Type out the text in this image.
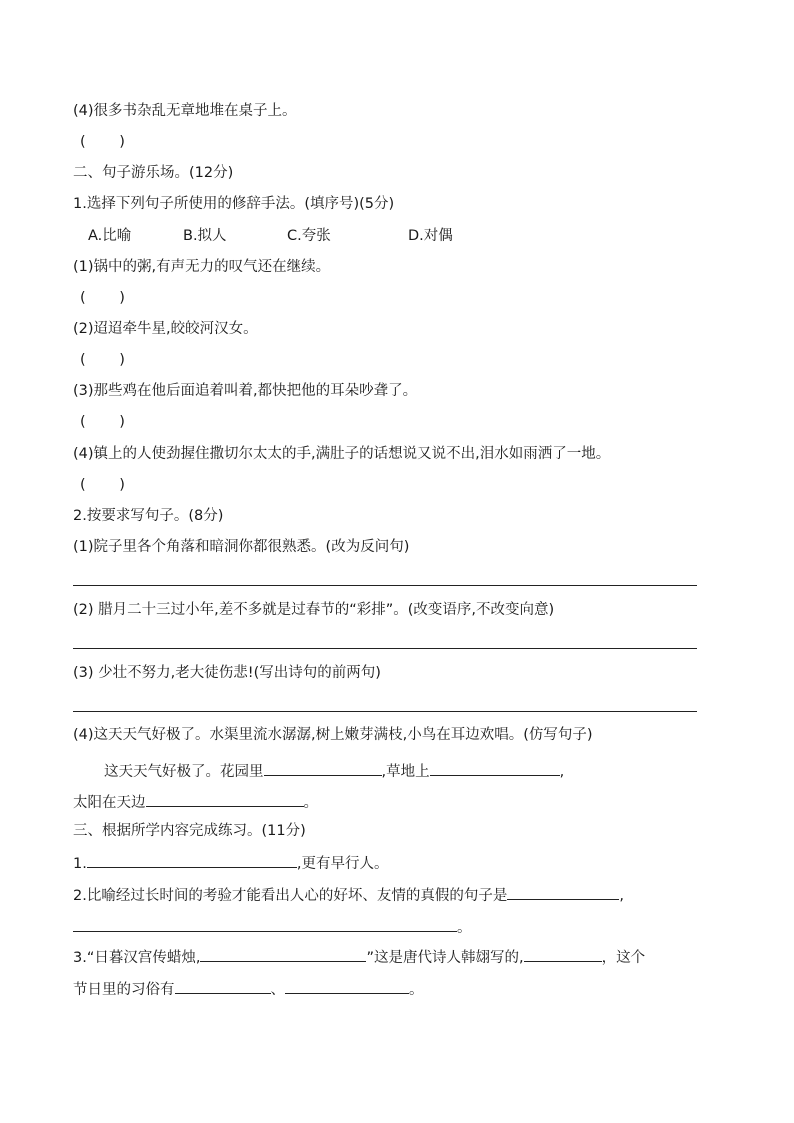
(4)很多书杂乱无章地堆在桌子上。
(　　 )
二、句子游乐场。(12分)
1.选择下列句子所使用的修辞手法。(填序号)(5分)
A.比喻	B.拟人	C.夸张	D.对偶
(1)锅中的粥,有声无力的叹气还在继续。
(　　 )
(2)迢迢牵牛星,皎皎河汉女。
(　　 )
(3)那些鸡在他后面追着叫着,都快把他的耳朵吵聋了。
(　　 )
(4)镇上的人使劲握住撒切尔太太的手,满肚子的话想说又说不出,泪水如雨洒了一地。
(　　 )
2.按要求写句子。(8分)
(1)院子里各个角落和暗洞你都很熟悉。(改为反问句)
(2) 腊月二十三过小年,差不多就是过春节的“彩排”。(改变语序,不改变向意)
(3) 少壮不努力,老大徒伤悲!(写出诗句的前两句)
(4)这天天气好极了。水渠里流水潺潺,树上嫩芽满枝,小鸟在耳边欢唱。(仿写句子)
这天天气好极了。花园里	,草地上	,
太阳在天边	。
三、根据所学内容完成练习。(11分)
1.	,更有早行人。
2.比喻经过长时间的考验才能看出人心的好坏、友情的真假的句子是	,
。
3.“日暮汉宫传蜡烛,	”这是唐代诗人韩翃写的,	，这个
节日里的习俗有	、	。
